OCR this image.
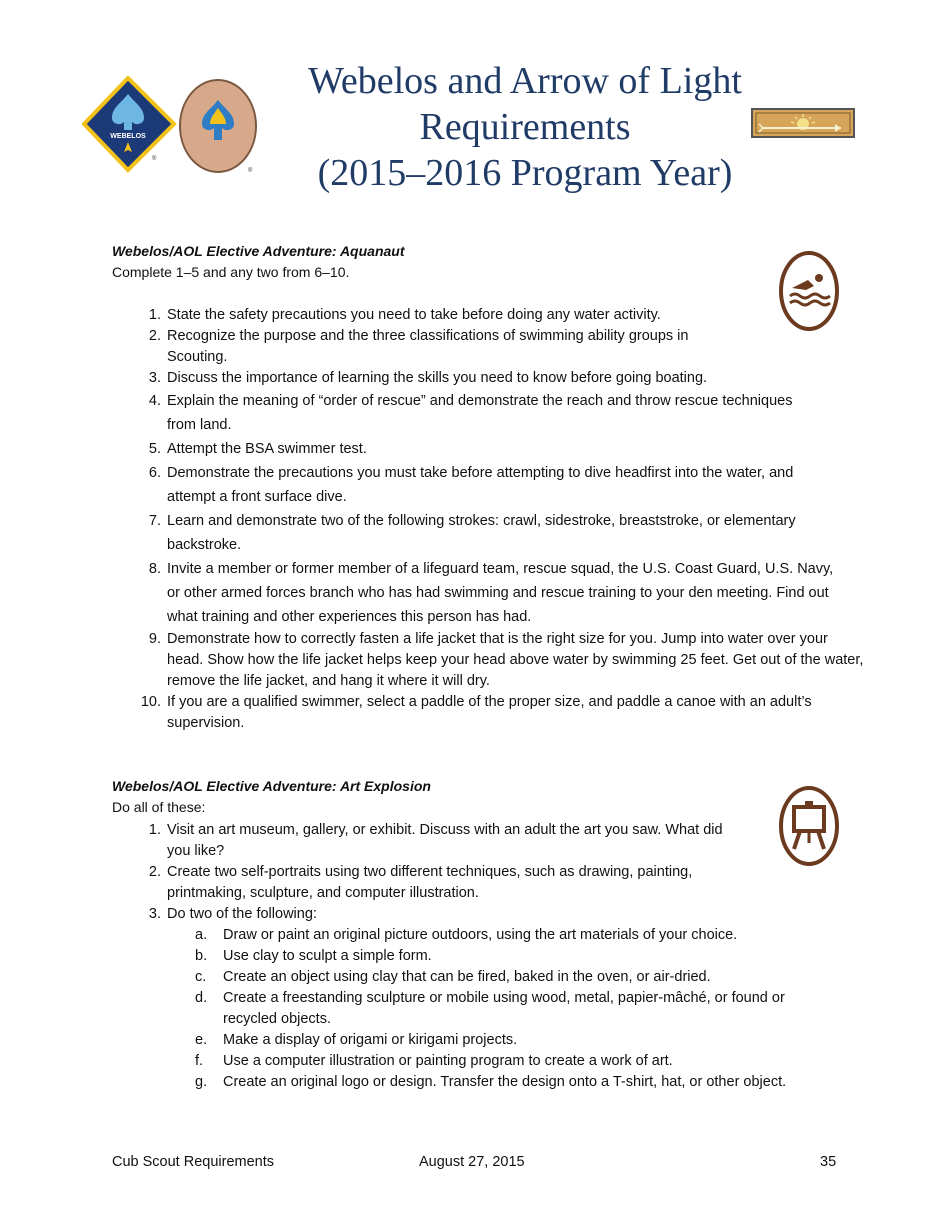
WEBELOS
®
®
Webelos and Arrow of Light
Requirements
(2015–2016 Program Year)
Webelos/AOL Elective Adventure: Aquanaut
Complete 1–5 and any two from 6–10.
1. State the safety precautions you need to take before doing any water activity.
2. Recognize the purpose and the three classifications of swimming ability groups in Scouting.
3. Discuss the importance of learning the skills you need to know before going boating.
4. Explain the meaning of “order of rescue” and demonstrate the reach and throw rescue techniques from land.
5. Attempt the BSA swimmer test.
6. Demonstrate the precautions you must take before attempting to dive headfirst into the water, and attempt a front surface dive.
7. Learn and demonstrate two of the following strokes: crawl, sidestroke, breaststroke, or elementary backstroke.
8. Invite a member or former member of a lifeguard team, rescue squad, the U.S. Coast Guard, U.S. Navy, or other armed forces branch who has had swimming and rescue training to your den meeting. Find out what training and other experiences this person has had.
9. Demonstrate how to correctly fasten a life jacket that is the right size for you. Jump into water over your head. Show how the life jacket helps keep your head above water by swimming 25 feet. Get out of the water, remove the life jacket, and hang it where it will dry.
10. If you are a qualified swimmer, select a paddle of the proper size, and paddle a canoe with an adult’s supervision.
Webelos/AOL Elective Adventure: Art Explosion
Do all of these:
1. Visit an art museum, gallery, or exhibit. Discuss with an adult the art you saw. What did you like?
2. Create two self-portraits using two different techniques, such as drawing, painting, printmaking, sculpture, and computer illustration.
3. Do two of the following:
a.	Draw or paint an original picture outdoors, using the art materials of your choice.
b.	Use clay to sculpt a simple form.
c.	Create an object using clay that can be fired, baked in the oven, or air-dried.
d.	Create a freestanding sculpture or mobile using wood, metal, papier-mâché, or found or recycled objects.
e.	Make a display of origami or kirigami projects.
f.	Use a computer illustration or painting program to create a work of art.
g.	Create an original logo or design. Transfer the design onto a T-shirt, hat, or other object.
Cub Scout Requirements	August 27, 2015	35
